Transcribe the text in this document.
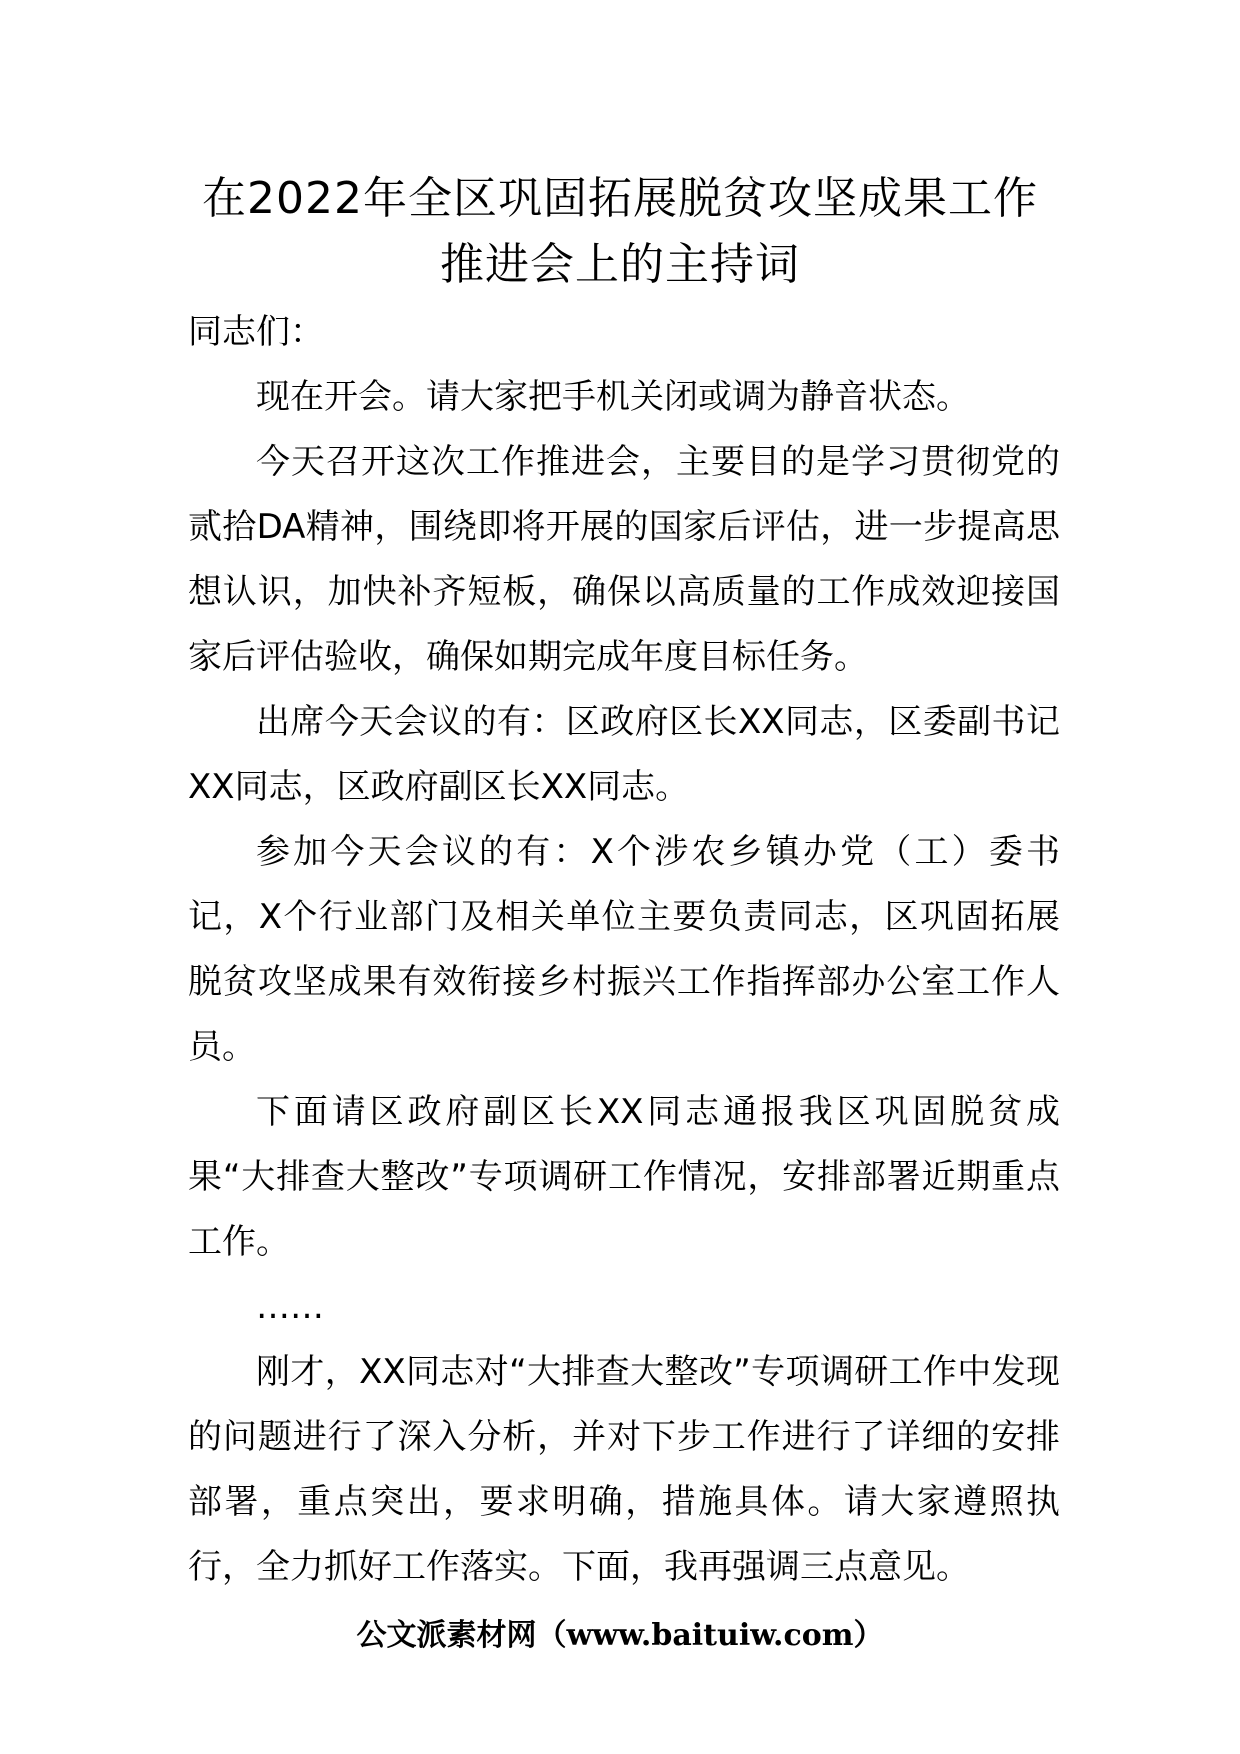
在2022年全区巩固拓展脱贫攻坚成果工作
推进会上的主持词

同志们：

现在开会。请大家把手机关闭或调为静音状态。

今天召开这次工作推进会，主要目的是学习贯彻党的贰拾DA精神，围绕即将开展的国家后评估，进一步提高思想认识，加快补齐短板，确保以高质量的工作成效迎接国家后评估验收，确保如期完成年度目标任务。

出席今天会议的有：区政府区长XX同志，区委副书记XX同志，区政府副区长XX同志。

参加今天会议的有：X个涉农乡镇办党（工）委书记，X个行业部门及相关单位主要负责同志，区巩固拓展脱贫攻坚成果有效衔接乡村振兴工作指挥部办公室工作人员。

下面请区政府副区长XX同志通报我区巩固脱贫成果“大排查大整改”专项调研工作情况，安排部署近期重点工作。

……

刚才，XX同志对“大排查大整改”专项调研工作中发现的问题进行了深入分析，并对下步工作进行了详细的安排部署，重点突出，要求明确，措施具体。请大家遵照执行，全力抓好工作落实。下面，我再强调三点意见。

公文派素材网（www.baituiw.com）
